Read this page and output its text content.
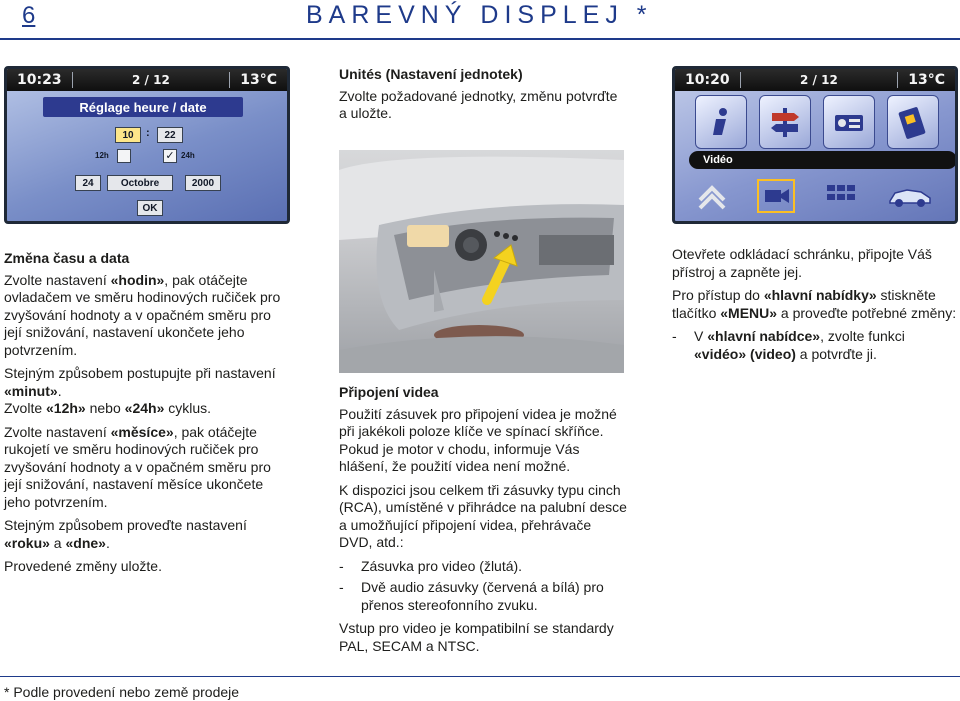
6	BAREVNÝ DISPLEJ *
10:23	2 / 12	13°C
Réglage heure / date
10	:	22
12h	✓ 24h
24	Octobre	2000
OK
Unités (Nastavení jednotek)

Zvolte požadované jednotky, změnu potvrďte a uložte.

10:20	2 / 12	13°C
Vidéo
Změna času a data

Zvolte nastavení «hodin», pak otáčejte ovladačem ve směru hodinových ručiček pro zvyšování hodnoty a v opačném směru pro její snižování, nastavení ukončete jeho potvrzením.

Stejným způsobem postupujte při nastavení «minut».
Zvolte «12h» nebo «24h» cyklus.

Zvolte nastavení «měsíce», pak otáčejte rukojetí ve směru hodinových ručiček pro zvyšování hodnoty a v opačném směru pro její snižování, nastavení měsíce ukončete jeho potvrzením.

Stejným způsobem proveďte nastavení «roku» a «dne».

Provedené změny uložte.

Připojení videa

Použití zásuvek pro připojení videa je možné při jakékoli poloze klíče ve spínací skříňce. Pokud je motor v chodu, informuje Vás hlášení, že použití videa není možné.

K dispozici jsou celkem tři zásuvky typu cinch (RCA), umístěné v přihrádce na palubní desce a umožňující připojení videa, přehrávače DVD, atd.:

- Zásuvka pro video (žlutá).
- Dvě audio zásuvky (červená a bílá) pro přenos stereofonního zvuku.

Vstup pro video je kompatibilní se standardy PAL, SECAM a NTSC.

Otevřete odkládací schránku, připojte Váš přístroj a zapněte jej.

Pro přístup do «hlavní nabídky» stiskněte tlačítko «MENU» a proveďte potřebné změny:

- V «hlavní nabídce», zvolte funkci «vidéo» (video) a potvrďte ji.
* Podle provedení nebo země prodeje
